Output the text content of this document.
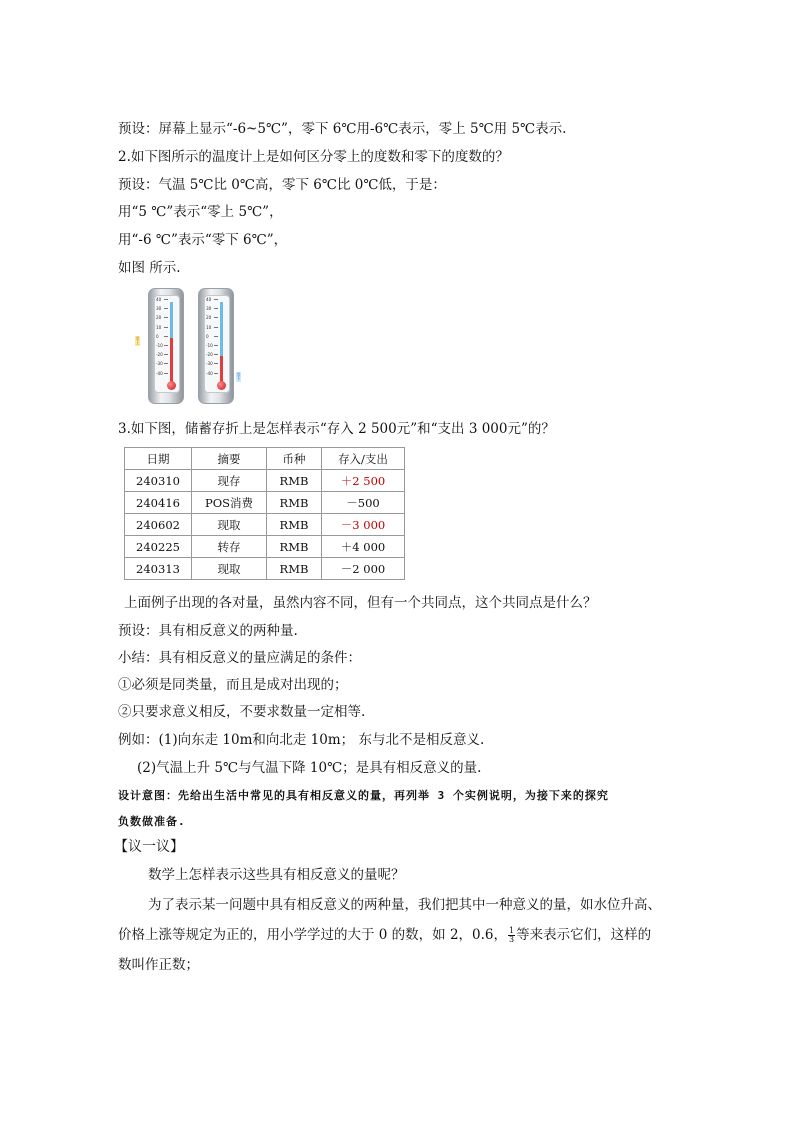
预设：屏幕上显示“-6~5℃”，零下 6℃用-6℃表示，零上 5℃用 5℃表示.
2.如下图所示的温度计上是如何区分零上的度数和零下的度数的？
预设：气温 5℃比 0℃高，零下 6℃比 0℃低，于是：
用“5 ℃”表示“零上 5℃”，
用“-6 ℃”表示“零下 6℃”，
如图 所示.
零上
40
30
20
10
0
-10
-20
-30
-40
40
30
20
10
0
-10
-20
-30
-40	零下
3.如下图，储蓄存折上是怎样表示“存入 2 500元”和“支出 3 000元”的？
日期	摘要	币种	存入/支出
240310	现存	RMB	＋2 500
240416	POS消费	RMB	－500
240602	现取	RMB	－3 000
240225	转存	RMB	＋4 000
240313	现取	RMB	－2 000
上面例子出现的各对量，虽然内容不同，但有一个共同点，这个共同点是什么？
预设：具有相反意义的两种量.
小结：具有相反意义的量应满足的条件：
①必须是同类量，而且是成对出现的；
②只要求意义相反，不要求数量一定相等.
例如：(1)向东走 10m和向北走 10m； 东与北不是相反意义.
(2)气温上升 5℃与气温下降 10℃；是具有相反意义的量.
设计意图：先给出生活中常见的具有相反意义的量，再列举 3 个实例说明，为接下来的探究
负数做准备.
【议一议】
数学上怎样表示这些具有相反意义的量呢？
为了表示某一问题中具有相反意义的两种量，我们把其中一种意义的量，如水位升高、
价格上涨等规定为正的，用小学学过的大于 0 的数，如 2，0.6， $\frac{1}{3}$ 等来表示它们，这样的
数叫作正数；
